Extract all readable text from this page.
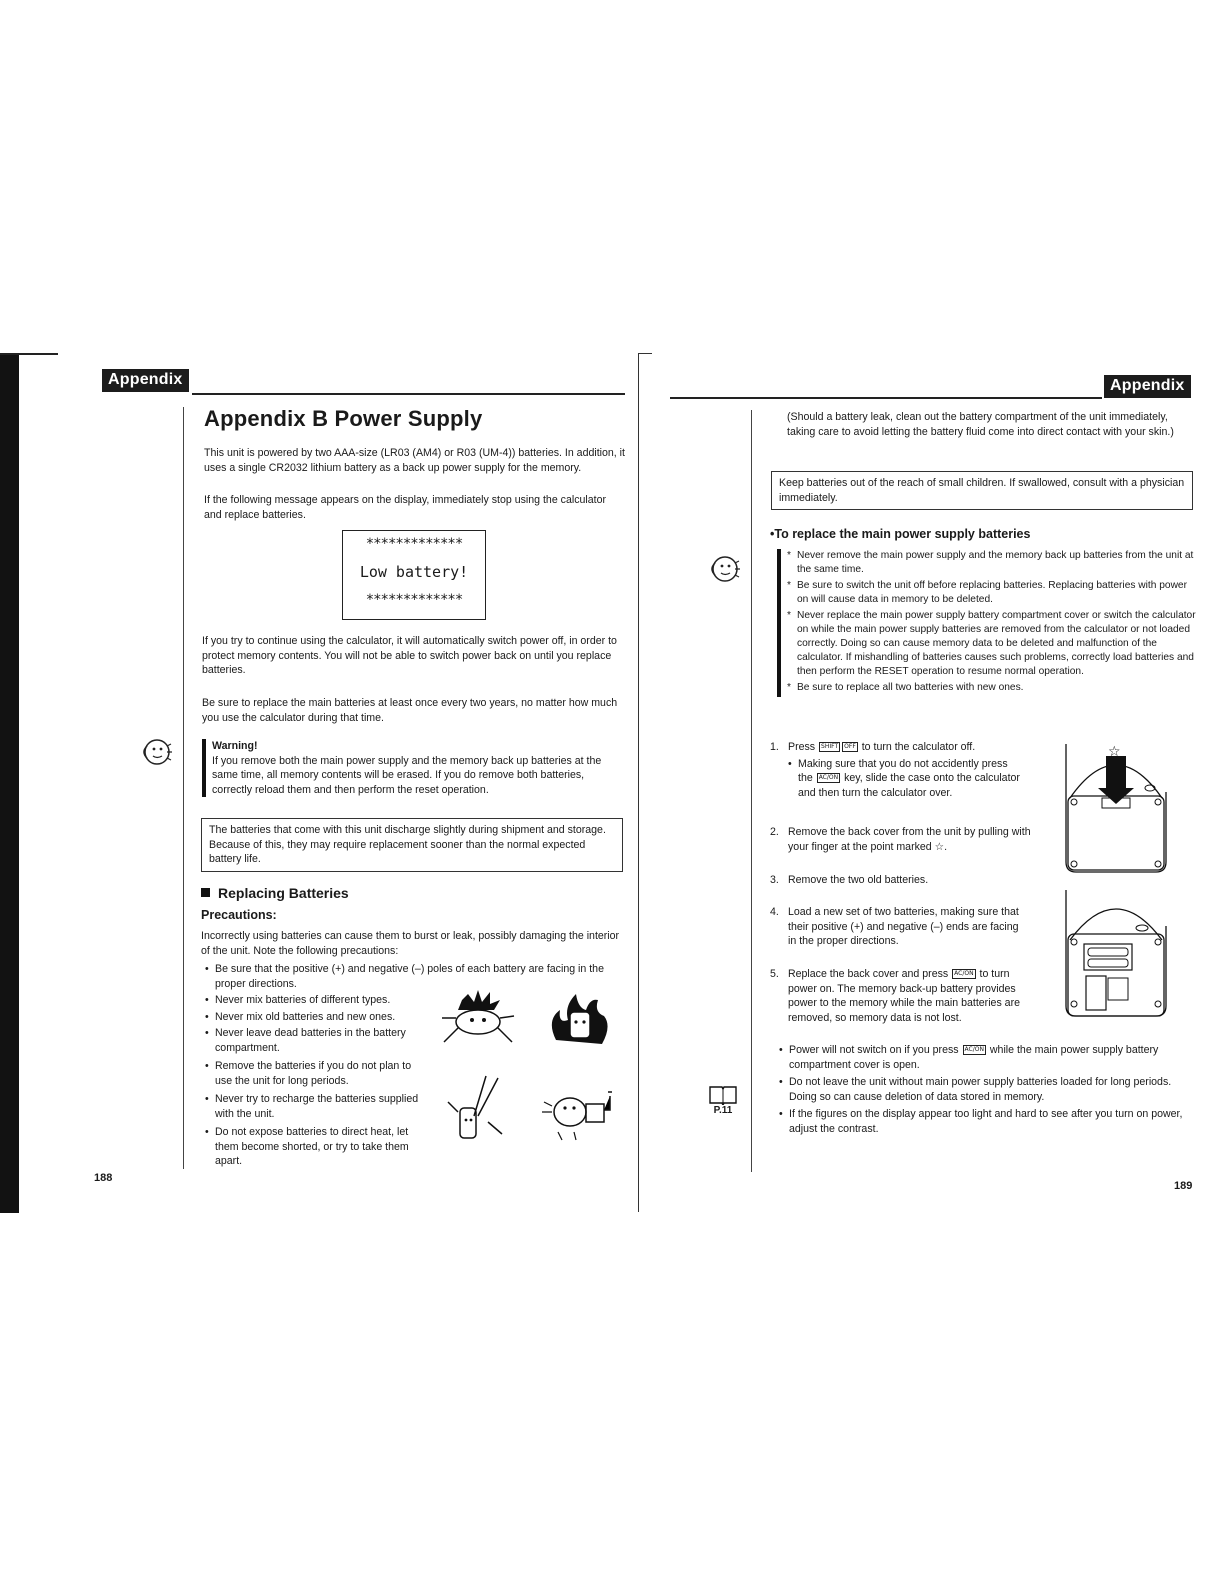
Appendix
Appendix B Power Supply

This unit is powered by two AAA-size (LR03 (AM4) or R03 (UM-4)) batteries. In addition, it uses a single CR2032 lithium battery as a back up power supply for the memory.

If the following message appears on the display, immediately stop using the calculator and replace batteries.

*************
Low battery!
*************

If you try to continue using the calculator, it will automatically switch power off, in order to protect memory contents. You will not be able to switch power back on until you replace batteries.

Be sure to replace the main batteries at least once every two years, no matter how much you use the calculator during that time.

Warning!

If you remove both the main power supply and the memory back up batteries at the same time, all memory contents will be erased. If you do remove both batteries, correctly reload them and then perform the reset operation.

The batteries that come with this unit discharge slightly during shipment and storage. Because of this, they may require replacement sooner than the normal expected battery life.

Replacing Batteries
Precautions:

Incorrectly using batteries can cause them to burst or leak, possibly damaging the interior of the unit. Note the following precautions:

• Be sure that the positive (+) and negative (–) poles of each battery are facing in the proper directions.
• Never mix batteries of different types.
• Never mix old batteries and new ones.
• Never leave dead batteries in the battery compartment.
• Remove the batteries if you do not plan to use the unit for long periods.
• Never try to recharge the batteries supplied with the unit.
• Do not expose batteries to direct heat, let them become shorted, or try to take them apart.
188
Appendix

(Should a battery leak, clean out the battery compartment of the unit immediately, taking care to avoid letting the battery fluid come into direct contact with your skin.)

Keep batteries out of the reach of small children. If swallowed, consult with a physician immediately.

•To replace the main power supply batteries
* Never remove the main power supply and the memory back up batteries from the unit at the same time.
* Be sure to switch the unit off before replacing batteries. Replacing batteries with power on will cause data in memory to be deleted.
* Never replace the main power supply battery compartment cover or switch the calculator on while the main power supply batteries are removed from the calculator or not loaded correctly. Doing so can cause memory data to be deleted and malfunction of the calculator. If mishandling of batteries causes such problems, correctly load batteries and then perform the RESET operation to resume normal operation.
* Be sure to replace all two batteries with new ones.
1. Press SHIFT OFF to turn the calculator off.
• Making sure that you do not accidently press the AC/ON key, slide the case onto the calculator and then turn the calculator over.
2. Remove the back cover from the unit by pulling with your finger at the point marked ☆.
3. Remove the two old batteries.
4. Load a new set of two batteries, making sure that their positive (+) and negative (–) ends are facing in the proper directions.
5. Replace the back cover and press AC/ON to turn power on. The memory back-up battery provides power to the memory while the main batteries are removed, so memory data is not lost.
☆
• Power will not switch on if you press AC/ON while the main power supply battery compartment cover is open.
• Do not leave the unit without main power supply batteries loaded for long periods. Doing so can cause deletion of data stored in memory.
• If the figures on the display appear too light and hard to see after you turn on power, adjust the contrast.
P.11
189
